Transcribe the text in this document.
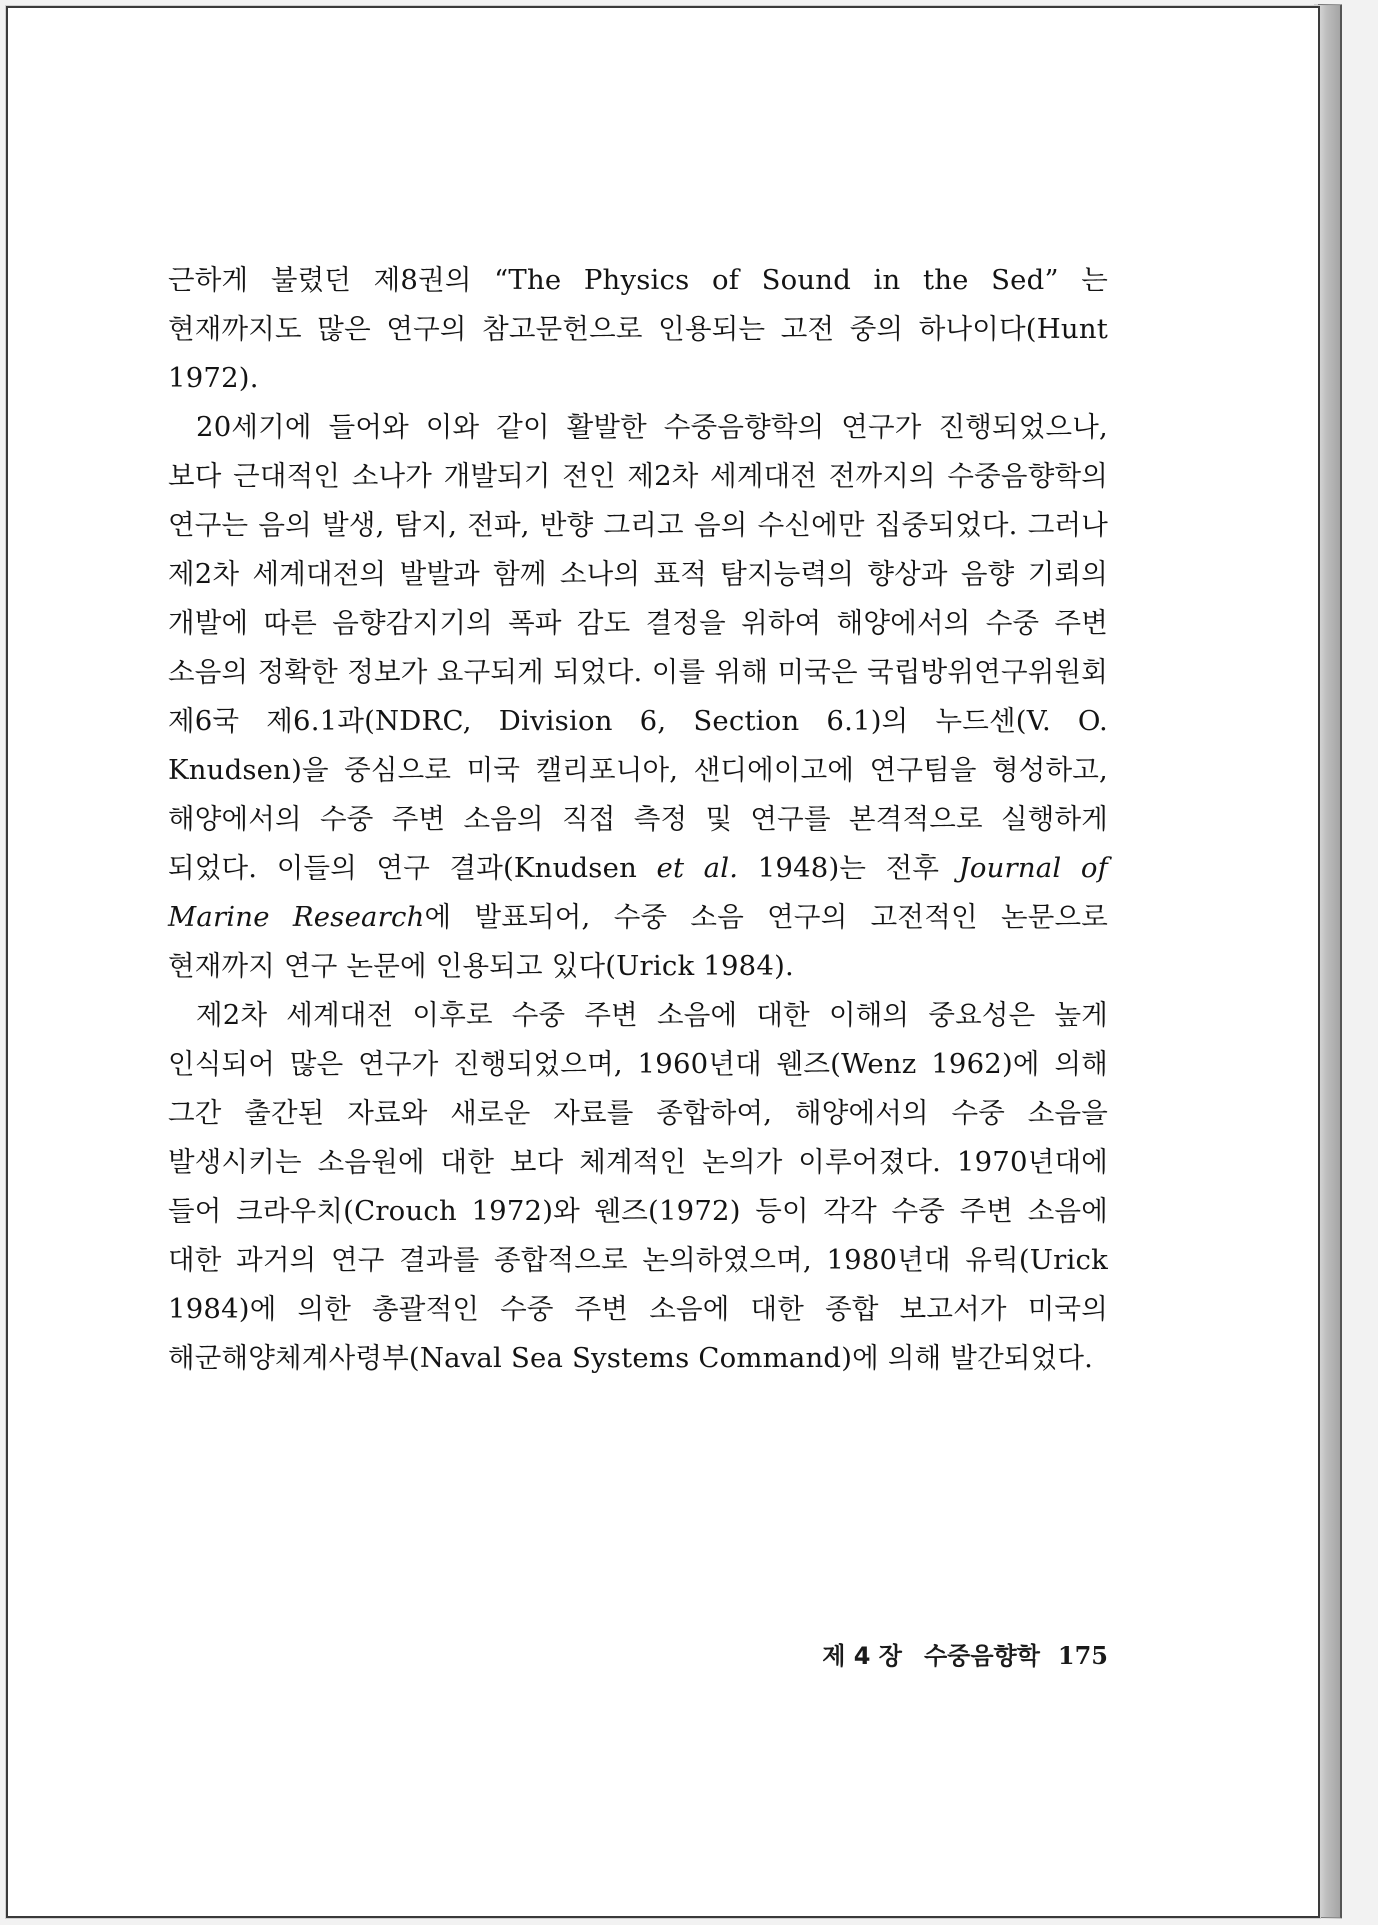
근하게 불렸던 제8권의 “The Physics of Sound in the Sed” 는 현재까지도 많은 연구의 참고문헌으로 인용되는 고전 중의 하나이다(Hunt 1972).

20세기에 들어와 이와 같이 활발한 수중음향학의 연구가 진행되었으나, 보다 근대적인 소나가 개발되기 전인 제2차 세계대전 전까지의 수중음향학의 연구는 음의 발생, 탐지, 전파, 반향 그리고 음의 수신에만 집중되었다. 그러나 제2차 세계대전의 발발과 함께 소나의 표적 탐지능력의 향상과 음향 기뢰의 개발에 따른 음향감지기의 폭파 감도 결정을 위하여 해양에서의 수중 주변 소음의 정확한 정보가 요구되게 되었다. 이를 위해 미국은 국립방위연구위원회 제6국 제6.1과(NDRC, Division 6, Section 6.1)의 누드센(V. O. Knudsen)을 중심으로 미국 캘리포니아, 샌디에이고에 연구팀을 형성하고, 해양에서의 수중 주변 소음의 직접 측정 및 연구를 본격적으로 실행하게 되었다. 이들의 연구 결과(Knudsen et al. 1948)는 전후 Journal of Marine Research에 발표되어, 수중 소음 연구의 고전적인 논문으로 현재까지 연구 논문에 인용되고 있다(Urick 1984).

제2차 세계대전 이후로 수중 주변 소음에 대한 이해의 중요성은 높게 인식되어 많은 연구가 진행되었으며, 1960년대 웬즈(Wenz 1962)에 의해 그간 출간된 자료와 새로운 자료를 종합하여, 해양에서의 수중 소음을 발생시키는 소음원에 대한 보다 체계적인 논의가 이루어졌다. 1970년대에 들어 크라우치(Crouch 1972)와 웬즈(1972) 등이 각각 수중 주변 소음에 대한 과거의 연구 결과를 종합적으로 논의하였으며, 1980년대 유릭(Urick 1984)에 의한 총괄적인 수중 주변 소음에 대한 종합 보고서가 미국의 해군해양체계사령부(Naval Sea Systems Command)에 의해 발간되었다.

제 4 장 수중음향학 175
